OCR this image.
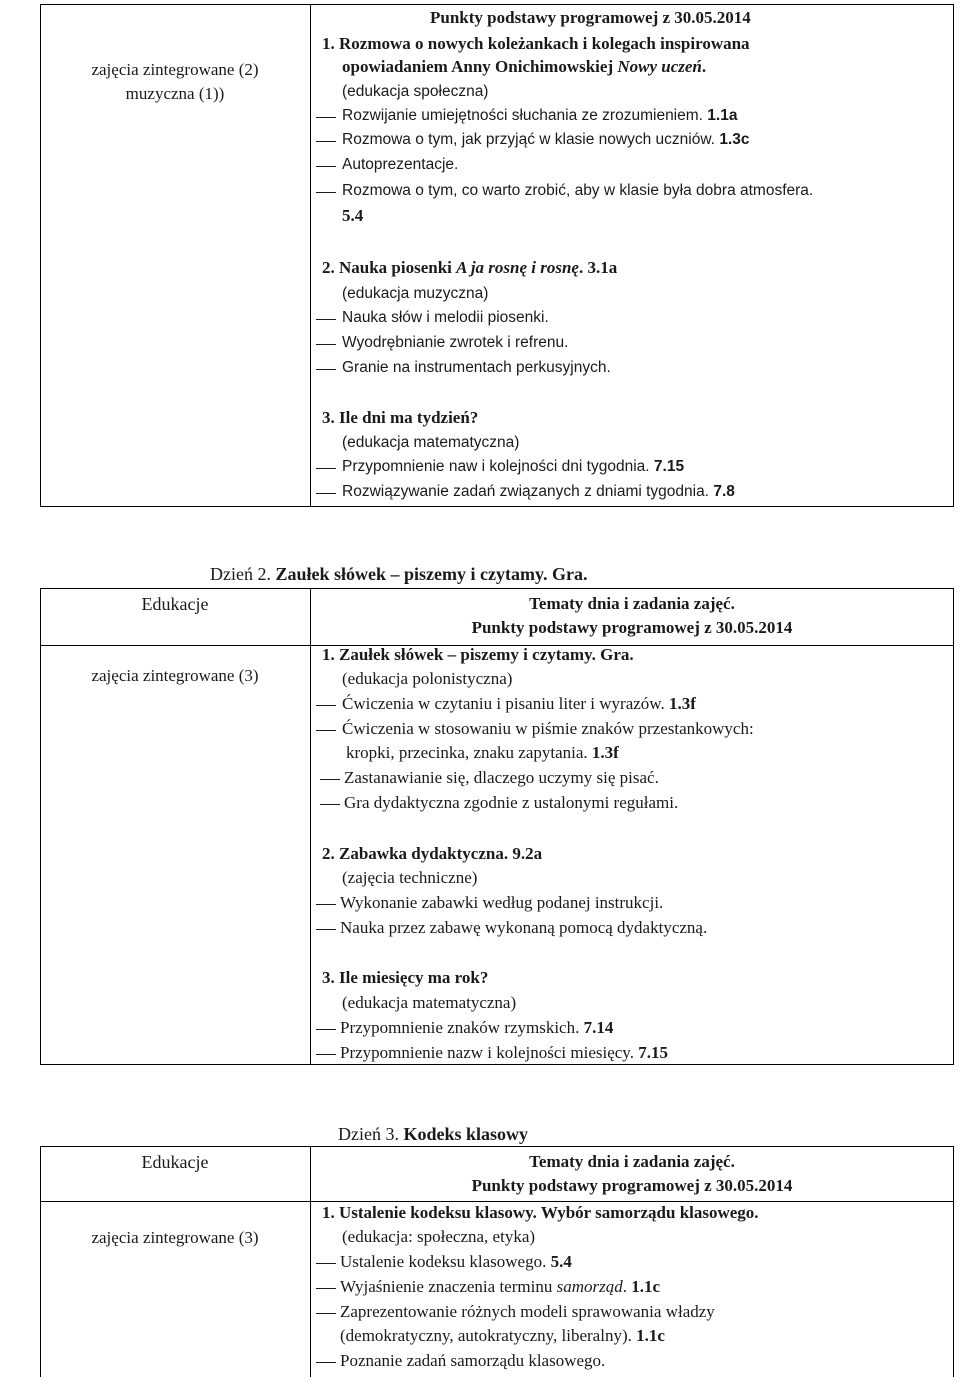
zajęcia zintegrowane (2)
muzyczna (1))
Punkty podstawy programowej z 30.05.2014
1. Rozmowa o nowych koleżankach i kolegach inspirowana
opowiadaniem Anny Onichimowskiej Nowy uczeń.
(edukacja społeczna)
Rozwijanie umiejętności słuchania ze zrozumieniem. 1.1a
Rozmowa o tym, jak przyjąć w klasie nowych uczniów. 1.3c
Autoprezentacje.
Rozmowa o tym, co warto zrobić, aby w klasie była dobra atmosfera.
5.4
2. Nauka piosenki A ja rosnę i rosnę. 3.1a
(edukacja muzyczna)
Nauka słów i melodii piosenki.
Wyodrębnianie zwrotek i refrenu.
Granie na instrumentach perkusyjnych.
3. Ile dni ma tydzień?
(edukacja matematyczna)
Przypomnienie naw i kolejności dni tygodnia. 7.15
Rozwiązywanie zadań związanych z dniami tygodnia. 7.8
Dzień 2. Zaułek słówek – piszemy i czytamy. Gra.
Edukacje	Tematy dnia i zadania zajęć.
Punkty podstawy programowej z 30.05.2014
zajęcia zintegrowane (3)
1. Zaułek słówek – piszemy i czytamy. Gra.
(edukacja polonistyczna)
Ćwiczenia w czytaniu i pisaniu liter i wyrazów. 1.3f
Ćwiczenia w stosowaniu w piśmie znaków przestankowych:
kropki, przecinka, znaku zapytania. 1.3f
Zastanawianie się, dlaczego uczymy się pisać.
Gra dydaktyczna zgodnie z ustalonymi regułami.
2. Zabawka dydaktyczna. 9.2a
(zajęcia techniczne)
Wykonanie zabawki według podanej instrukcji.
Nauka przez zabawę wykonaną pomocą dydaktyczną.
3. Ile miesięcy ma rok?
(edukacja matematyczna)
Przypomnienie znaków rzymskich. 7.14
Przypomnienie nazw i kolejności miesięcy. 7.15
Dzień 3. Kodeks klasowy
Edukacje	Tematy dnia i zadania zajęć.
Punkty podstawy programowej z 30.05.2014
zajęcia zintegrowane (3)
1. Ustalenie kodeksu klasowy. Wybór samorządu klasowego.
(edukacja: społeczna, etyka)
Ustalenie kodeksu klasowego. 5.4
Wyjaśnienie znaczenia terminu samorząd. 1.1c
Zaprezentowanie różnych modeli sprawowania władzy
(demokratyczny, autokratyczny, liberalny). 1.1c
Poznanie zadań samorządu klasowego.
